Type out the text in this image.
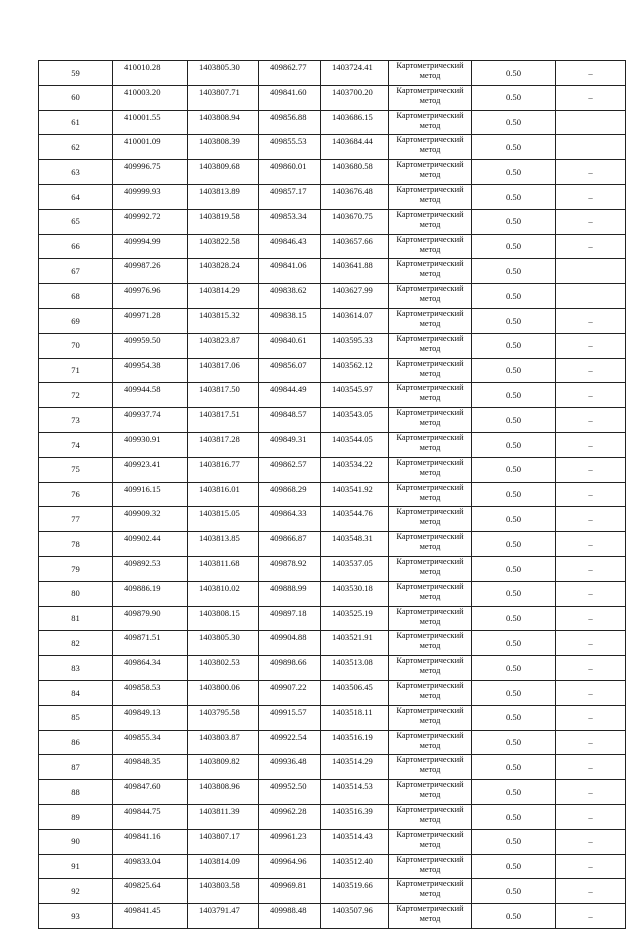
59	410010.28	1403805.30	409862.77	1403724.41	Картометрический метод	0.50	–
60	410003.20	1403807.71	409841.60	1403700.20	Картометрический метод	0.50	–
61	410001.55	1403808.94	409856.88	1403686.15	Картометрический метод	0.50	
62	410001.09	1403808.39	409855.53	1403684.44	Картометрический метод	0.50	
63	409996.75	1403809.68	409860.01	1403680.58	Картометрический метод	0.50	–
64	409999.93	1403813.89	409857.17	1403676.48	Картометрический метод	0.50	–
65	409992.72	1403819.58	409853.34	1403670.75	Картометрический метод	0.50	–
66	409994.99	1403822.58	409846.43	1403657.66	Картометрический метод	0.50	–
67	409987.26	1403828.24	409841.06	1403641.88	Картометрический метод	0.50	
68	409976.96	1403814.29	409838.62	1403627.99	Картометрический метод	0.50	
69	409971.28	1403815.32	409838.15	1403614.07	Картометрический метод	0.50	–
70	409959.50	1403823.87	409840.61	1403595.33	Картометрический метод	0.50	–
71	409954.38	1403817.06	409856.07	1403562.12	Картометрический метод	0.50	–
72	409944.58	1403817.50	409844.49	1403545.97	Картометрический метод	0.50	–
73	409937.74	1403817.51	409848.57	1403543.05	Картометрический метод	0.50	–
74	409930.91	1403817.28	409849.31	1403544.05	Картометрический метод	0.50	–
75	409923.41	1403816.77	409862.57	1403534.22	Картометрический метод	0.50	–
76	409916.15	1403816.01	409868.29	1403541.92	Картометрический метод	0.50	–
77	409909.32	1403815.05	409864.33	1403544.76	Картометрический метод	0.50	–
78	409902.44	1403813.85	409866.87	1403548.31	Картометрический метод	0.50	–
79	409892.53	1403811.68	409878.92	1403537.05	Картометрический метод	0.50	–
80	409886.19	1403810.02	409888.99	1403530.18	Картометрический метод	0.50	–
81	409879.90	1403808.15	409897.18	1403525.19	Картометрический метод	0.50	–
82	409871.51	1403805.30	409904.88	1403521.91	Картометрический метод	0.50	–
83	409864.34	1403802.53	409898.66	1403513.08	Картометрический метод	0.50	–
84	409858.53	1403800.06	409907.22	1403506.45	Картометрический метод	0.50	–
85	409849.13	1403795.58	409915.57	1403518.11	Картометрический метод	0.50	–
86	409855.34	1403803.87	409922.54	1403516.19	Картометрический метод	0.50	–
87	409848.35	1403809.82	409936.48	1403514.29	Картометрический метод	0.50	–
88	409847.60	1403808.96	409952.50	1403514.53	Картометрический метод	0.50	–
89	409844.75	1403811.39	409962.28	1403516.39	Картометрический метод	0.50	–
90	409841.16	1403807.17	409961.23	1403514.43	Картометрический метод	0.50	–
91	409833.04	1403814.09	409964.96	1403512.40	Картометрический метод	0.50	–
92	409825.64	1403803.58	409969.81	1403519.66	Картометрический метод	0.50	–
93	409841.45	1403791.47	409988.48	1403507.96	Картометрический метод	0.50	–
